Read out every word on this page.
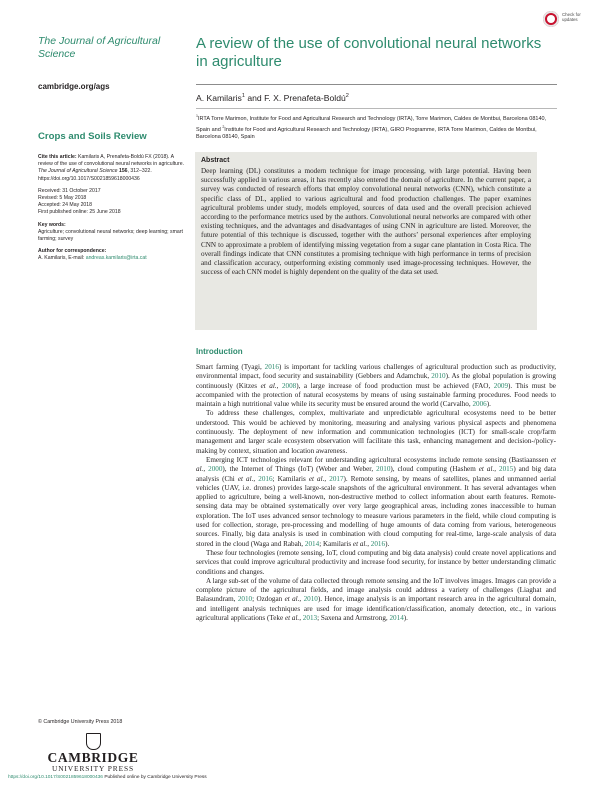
Check for updates
The Journal of Agricultural Science
cambridge.org/ags
Crops and Soils Review

Cite this article: Kamilaris A, Prenafeta-Boldú FX (2018). A review of the use of convolutional neural networks in agriculture. The Journal of Agricultural Science 156, 312–322. https://doi.org/10.1017/S0021859618000436

Received: 31 October 2017

Revised: 5 May 2018

Accepted: 24 May 2018

First published online: 25 June 2018

Key words:

Agriculture; convolutional neural networks; deep learning; smart farming; survey

Author for correspondence:

A. Kamilaris, E-mail: andreas.kamilaris@irta.cat

© Cambridge University Press 2018
CAMBRIDGE
UNIVERSITY PRESS
A review of the use of convolutional neural networks in agriculture
A. Kamilaris$^1$ and F. X. Prenafeta-Boldú$^2$
$^1$IRTA Torre Marimon, Institute for Food and Agricultural Research and Technology (IRTA), Torre Marimon, Caldes de Montbui, Barcelona 08140, Spain and $^2$Institute for Food and Agricultural Research and Technology (IRTA), GIRO Programme, IRTA Torre Marimon, Caldes de Montbui, Barcelona 08140, Spain
Abstract
Deep learning (DL) constitutes a modern technique for image processing, with large potential. Having been successfully applied in various areas, it has recently also entered the domain of agriculture. In the current paper, a survey was conducted of research efforts that employ convolutional neural networks (CNN), which constitute a specific class of DL, applied to various agricultural and food production challenges. The paper examines agricultural problems under study, models employed, sources of data used and the overall precision achieved according to the performance metrics used by the authors. Convolutional neural networks are compared with other existing techniques, and the advantages and disadvantages of using CNN in agriculture are listed. Moreover, the future potential of this technique is discussed, together with the authors’ personal experiences after employing CNN to approximate a problem of identifying missing vegetation from a sugar cane plantation in Costa Rica. The overall findings indicate that CNN constitutes a promising technique with high performance in terms of precision and classification accuracy, outperforming existing commonly used image-processing techniques. However, the success of each CNN model is highly dependent on the quality of the data set used.
Introduction

Smart farming (Tyagi, 2016) is important for tackling various challenges of agricultural production such as productivity, environmental impact, food security and sustainability (Gebbers and Adamchuk, 2010). As the global population is growing continuously (Kitzes et al., 2008), a large increase of food production must be achieved (FAO, 2009). This must be accompanied with the protection of natural ecosystems by means of using sustainable farming procedures. Food needs to maintain a high nutritional value while its security must be ensured around the world (Carvalho, 2006).

To address these challenges, complex, multivariate and unpredictable agricultural ecosystems need to be better understood. This would be achieved by monitoring, measuring and analysing various physical aspects and phenomena continuously. The deployment of new information and communication technologies (ICT) for small-scale crop/farm management and larger scale ecosystem observation will facilitate this task, enhancing management and decision-/policy-making by context, situation and location awareness.

Emerging ICT technologies relevant for understanding agricultural ecosystems include remote sensing (Bastiaanssen et al., 2000), the Internet of Things (IoT) (Weber and Weber, 2010), cloud computing (Hashem et al., 2015) and big data analysis (Chi et al., 2016; Kamilaris et al., 2017). Remote sensing, by means of satellites, planes and unmanned aerial vehicles (UAV, i.e. drones) provides large-scale snapshots of the agricultural environment. It has several advantages when applied to agriculture, being a well-known, non-destructive method to collect information about earth features. Remote-sensing data may be obtained systematically over very large geographical areas, including zones inaccessible to human exploration. The IoT uses advanced sensor technology to measure various parameters in the field, while cloud computing is used for collection, storage, pre-processing and modelling of huge amounts of data coming from various, heterogeneous sources. Finally, big data analysis is used in combination with cloud computing for real-time, large-scale analysis of data stored in the cloud (Waga and Rabah, 2014; Kamilaris et al., 2016).

These four technologies (remote sensing, IoT, cloud computing and big data analysis) could create novel applications and services that could improve agricultural productivity and increase food security, for instance by better understanding climatic conditions and changes.

A large sub-set of the volume of data collected through remote sensing and the IoT involves images. Images can provide a complete picture of the agricultural fields, and image analysis could address a variety of challenges (Liaghat and Balasundram, 2010; Ozdogan et al., 2010). Hence, image analysis is an important research area in the agricultural domain, and intelligent analysis techniques are used for image identification/classification, anomaly detection, etc., in various agricultural applications (Teke et al., 2013; Saxena and Armstrong, 2014).

https://doi.org/10.1017/S0021859618000436 Published online by Cambridge University Press
